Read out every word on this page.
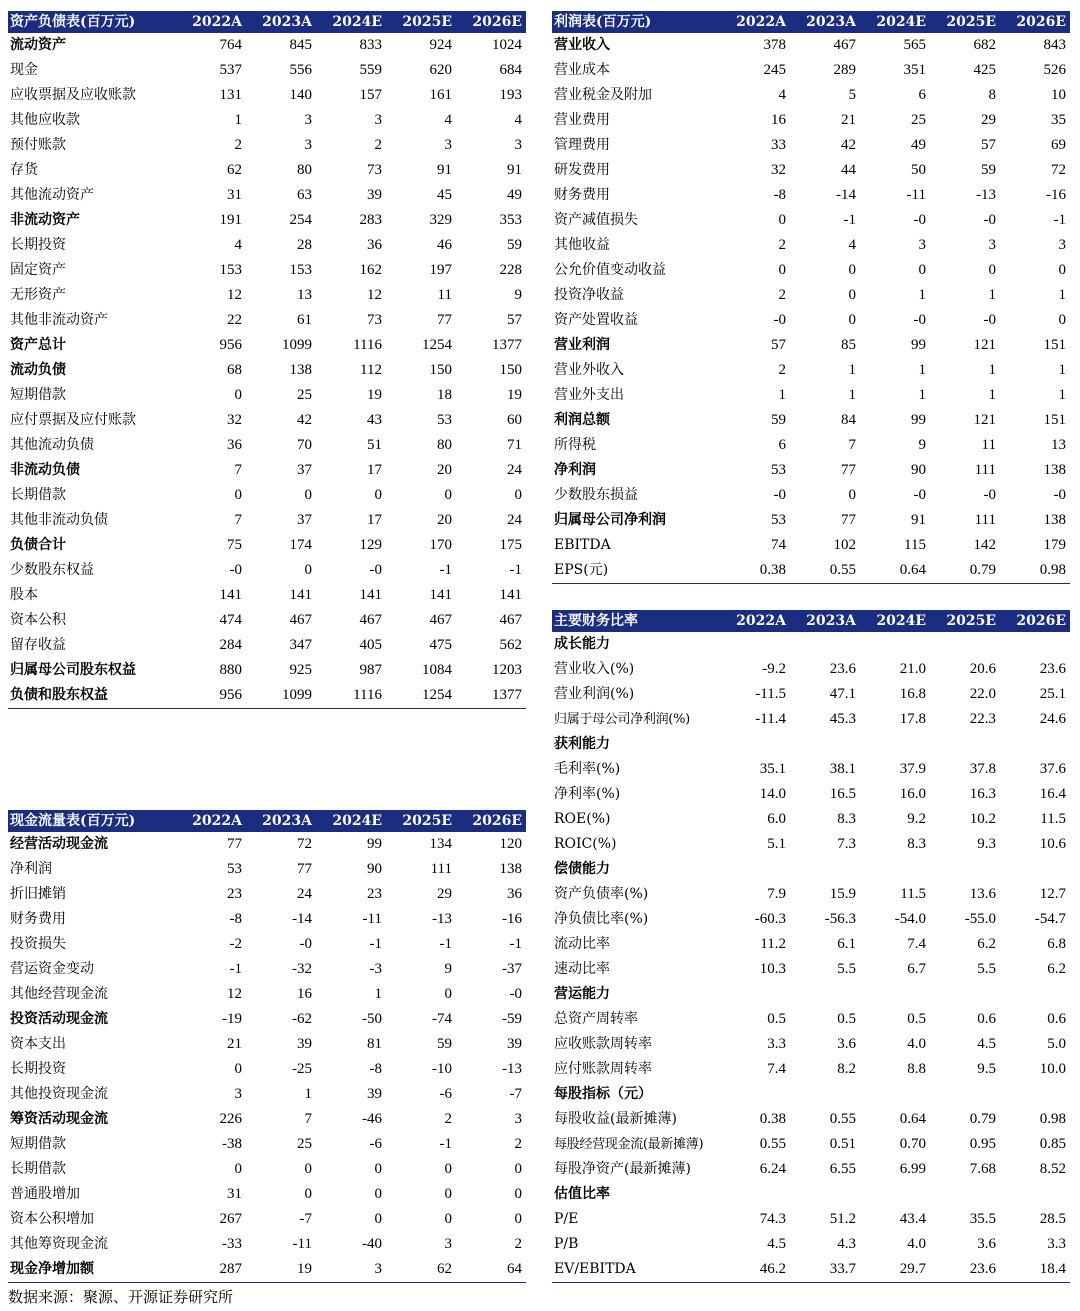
资产负债表(百万元)	2022A	2023A	2024E	2025E	2026E
流动资产	764	845	833	924	1024
现金	537	556	559	620	684
应收票据及应收账款	131	140	157	161	193
其他应收款	1	3	3	4	4
预付账款	2	3	2	3	3
存货	62	80	73	91	91
其他流动资产	31	63	39	45	49
非流动资产	191	254	283	329	353
长期投资	4	28	36	46	59
固定资产	153	153	162	197	228
无形资产	12	13	12	11	9
其他非流动资产	22	61	73	77	57
资产总计	956	1099	1116	1254	1377
流动负债	68	138	112	150	150
短期借款	0	25	19	18	19
应付票据及应付账款	32	42	43	53	60
其他流动负债	36	70	51	80	71
非流动负债	7	37	17	20	24
长期借款	0	0	0	0	0
其他非流动负债	7	37	17	20	24
负债合计	75	174	129	170	175
少数股东权益	-0	0	-0	-1	-1
股本	141	141	141	141	141
资本公积	474	467	467	467	467
留存收益	284	347	405	475	562
归属母公司股东权益	880	925	987	1084	1203
负债和股东权益	956	1099	1116	1254	1377
利润表(百万元)	2022A	2023A	2024E	2025E	2026E
营业收入	378	467	565	682	843
营业成本	245	289	351	425	526
营业税金及附加	4	5	6	8	10
营业费用	16	21	25	29	35
管理费用	33	42	49	57	69
研发费用	32	44	50	59	72
财务费用	-8	-14	-11	-13	-16
资产减值损失	0	-1	-0	-0	-1
其他收益	2	4	3	3	3
公允价值变动收益	0	0	0	0	0
投资净收益	2	0	1	1	1
资产处置收益	-0	0	-0	-0	0
营业利润	57	85	99	121	151
营业外收入	2	1	1	1	1
营业外支出	1	1	1	1	1
利润总额	59	84	99	121	151
所得税	6	7	9	11	13
净利润	53	77	90	111	138
少数股东损益	-0	0	-0	-0	-0
归属母公司净利润	53	77	91	111	138
EBITDA	74	102	115	142	179
EPS(元)	0.38	0.55	0.64	0.79	0.98
现金流量表(百万元)	2022A	2023A	2024E	2025E	2026E
经营活动现金流	77	72	99	134	120
净利润	53	77	90	111	138
折旧摊销	23	24	23	29	36
财务费用	-8	-14	-11	-13	-16
投资损失	-2	-0	-1	-1	-1
营运资金变动	-1	-32	-3	9	-37
其他经营现金流	12	16	1	0	-0
投资活动现金流	-19	-62	-50	-74	-59
资本支出	21	39	81	59	39
长期投资	0	-25	-8	-10	-13
其他投资现金流	3	1	39	-6	-7
筹资活动现金流	226	7	-46	2	3
短期借款	-38	25	-6	-1	2
长期借款	0	0	0	0	0
普通股增加	31	0	0	0	0
资本公积增加	267	-7	0	0	0
其他筹资现金流	-33	-11	-40	3	2
现金净增加额	287	19	3	62	64
主要财务比率	2022A	2023A	2024E	2025E	2026E
成长能力					
营业收入(%)	-9.2	23.6	21.0	20.6	23.6
营业利润(%)	-11.5	47.1	16.8	22.0	25.1
归属于母公司净利润(%)	-11.4	45.3	17.8	22.3	24.6
获利能力					
毛利率(%)	35.1	38.1	37.9	37.8	37.6
净利率(%)	14.0	16.5	16.0	16.3	16.4
ROE(%)	6.0	8.3	9.2	10.2	11.5
ROIC(%)	5.1	7.3	8.3	9.3	10.6
偿债能力					
资产负债率(%)	7.9	15.9	11.5	13.6	12.7
净负债比率(%)	-60.3	-56.3	-54.0	-55.0	-54.7
流动比率	11.2	6.1	7.4	6.2	6.8
速动比率	10.3	5.5	6.7	5.5	6.2
营运能力					
总资产周转率	0.5	0.5	0.5	0.6	0.6
应收账款周转率	3.3	3.6	4.0	4.5	5.0
应付账款周转率	7.4	8.2	8.8	9.5	10.0
每股指标（元）					
每股收益(最新摊薄)	0.38	0.55	0.64	0.79	0.98
每股经营现金流(最新摊薄)	0.55	0.51	0.70	0.95	0.85
每股净资产(最新摊薄)	6.24	6.55	6.99	7.68	8.52
估值比率					
P/E	74.3	51.2	43.4	35.5	28.5
P/B	4.5	4.3	4.0	3.6	3.3
EV/EBITDA	46.2	33.7	29.7	23.6	18.4
数据来源：聚源、开源证券研究所
